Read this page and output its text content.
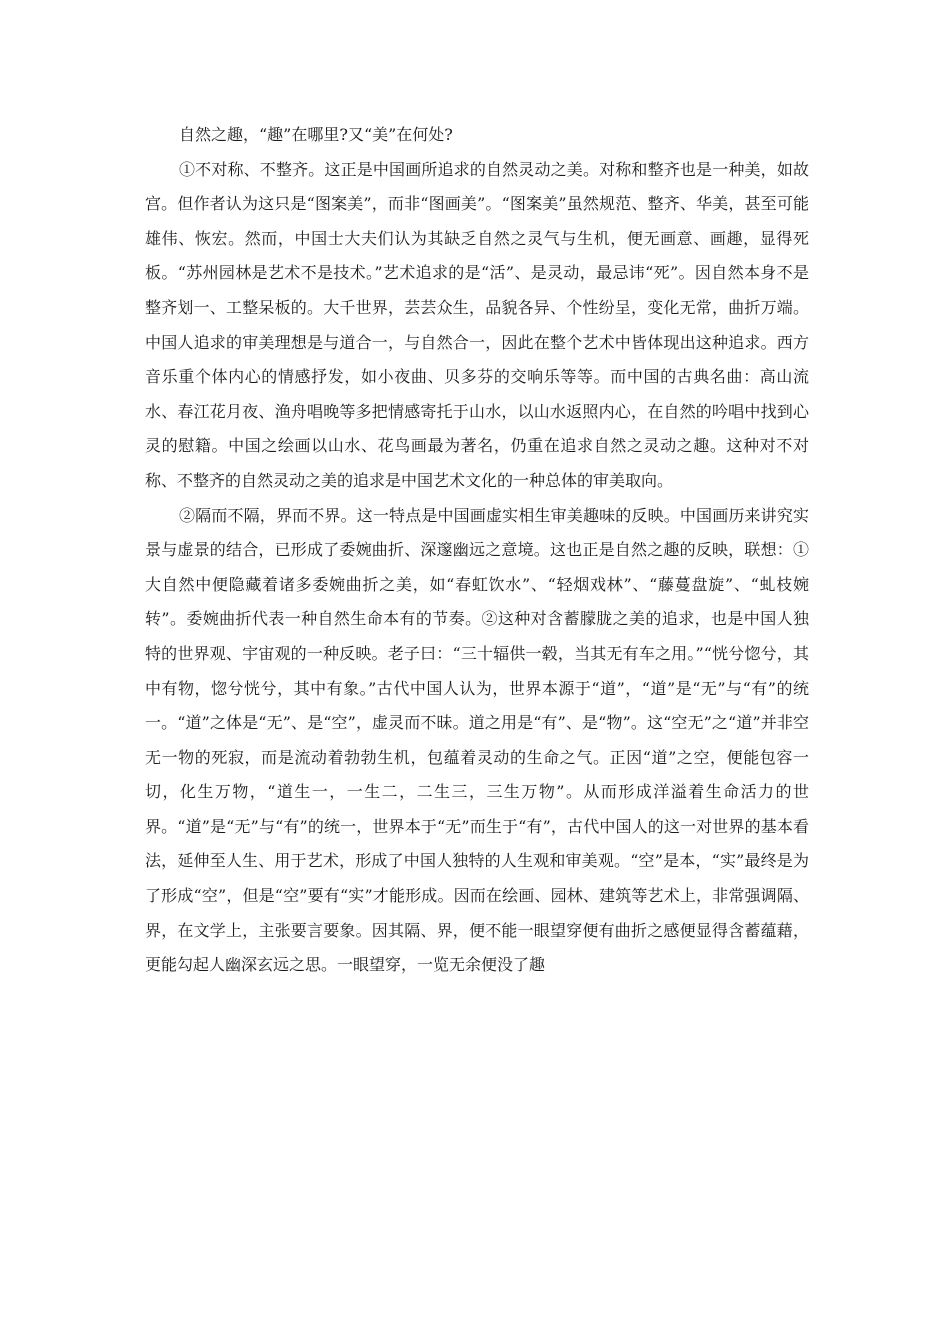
自然之趣，“趣”在哪里?又“美”在何处?

①不对称、不整齐。这正是中国画所追求的自然灵动之美。对称和整齐也是一种美，如故宫。但作者认为这只是“图案美”，而非“图画美”。“图案美”虽然规范、整齐、华美，甚至可能雄伟、恢宏。然而，中国士大夫们认为其缺乏自然之灵气与生机，便无画意、画趣，显得死板。“苏州园林是艺术不是技术。”艺术追求的是“活”、是灵动，最忌讳“死”。因自然本身不是整齐划一、工整呆板的。大千世界，芸芸众生，品貌各异、个性纷呈，变化无常，曲折万端。中国人追求的审美理想是与道合一，与自然合一，因此在整个艺术中皆体现出这种追求。西方音乐重个体内心的情感抒发，如小夜曲、贝多芬的交响乐等等。而中国的古典名曲：高山流水、春江花月夜、渔舟唱晚等多把情感寄托于山水，以山水返照内心，在自然的吟唱中找到心灵的慰籍。中国之绘画以山水、花鸟画最为著名，仍重在追求自然之灵动之趣。这种对不对称、不整齐的自然灵动之美的追求是中国艺术文化的一种总体的审美取向。

②隔而不隔，界而不界。这一特点是中国画虚实相生审美趣味的反映。中国画历来讲究实景与虚景的结合，已形成了委婉曲折、深邃幽远之意境。这也正是自然之趣的反映，联想：①大自然中便隐藏着诸多委婉曲折之美，如“春虹饮水”、“轻烟戏林”、“藤蔓盘旋”、“虬枝婉转”。委婉曲折代表一种自然生命本有的节奏。②这种对含蓄朦胧之美的追求，也是中国人独特的世界观、宇宙观的一种反映。老子曰：“三十辐供一毂，当其无有车之用。”“恍兮惚兮，其中有物，惚兮恍兮，其中有象。”古代中国人认为，世界本源于“道”，“道”是“无”与“有”的统一。“道”之体是“无”、是“空”，虚灵而不昧。道之用是“有”、是“物”。这“空无”之“道”并非空无一物的死寂，而是流动着勃勃生机，包蕴着灵动的生命之气。正因“道”之空，便能包容一切，化生万物，“道生一，一生二，二生三，三生万物”。从而形成洋溢着生命活力的世界。“道”是“无”与“有”的统一，世界本于“无”而生于“有”，古代中国人的这一对世界的基本看法，延伸至人生、用于艺术，形成了中国人独特的人生观和审美观。“空”是本，“实”最终是为了形成“空”，但是“空”要有“实”才能形成。因而在绘画、园林、建筑等艺术上，非常强调隔、界，在文学上，主张要言要象。因其隔、界，便不能一眼望穿便有曲折之感便显得含蓄蕴藉，更能勾起人幽深玄远之思。一眼望穿，一览无余便没了趣
